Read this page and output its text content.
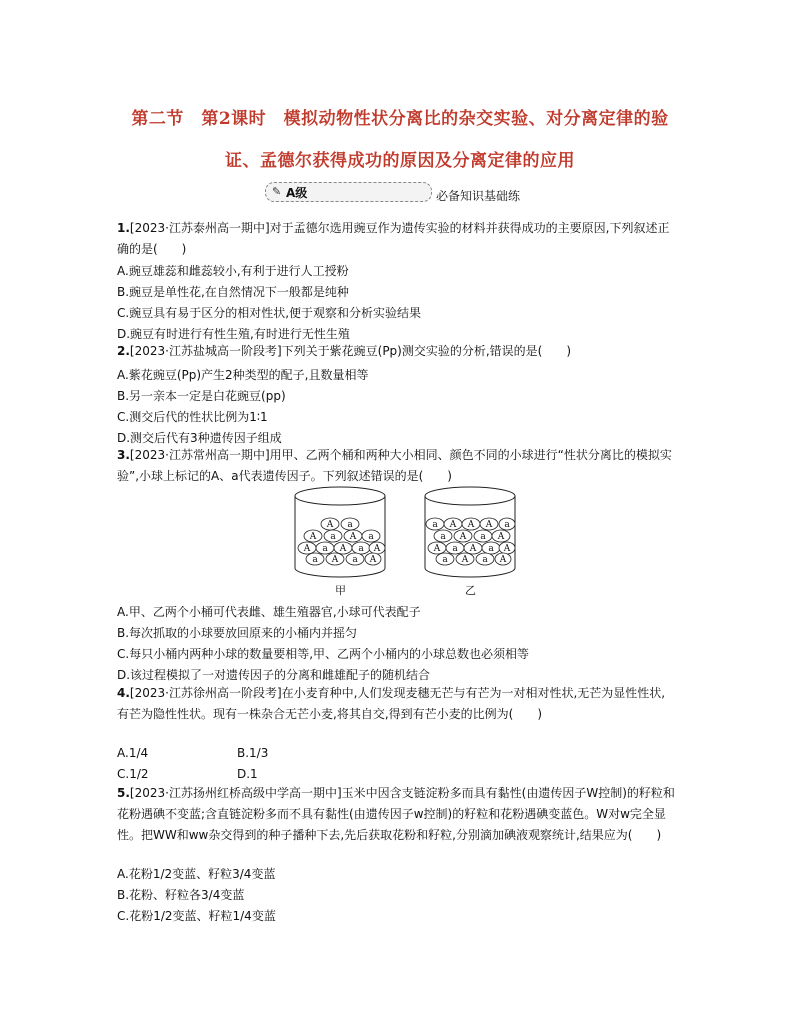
第二节　第2课时　模拟动物性状分离比的杂交实验、对分离定律的验
证、孟德尔获得成功的原因及分离定律的应用
✎ A级	必备知识基础练
1.[2023·江苏泰州高一期中]对于孟德尔选用豌豆作为遗传实验的材料并获得成功的主要原因,下列叙述正确的是(　　)
A.豌豆雄蕊和雌蕊较小,有利于进行人工授粉
B.豌豆是单性花,在自然情况下一般都是纯种
C.豌豆具有易于区分的相对性状,便于观察和分析实验结果
D.豌豆有时进行有性生殖,有时进行无性生殖
2.[2023·江苏盐城高一阶段考]下列关于紫花豌豆(Pp)测交实验的分析,错误的是(　　)
A.紫花豌豆(Pp)产生2种类型的配子,且数量相等
B.另一亲本一定是白花豌豆(pp)
C.测交后代的性状比例为1∶1
D.测交后代有3种遗传因子组成
3.[2023·江苏常州高一期中]用甲、乙两个桶和两种大小相同、颜色不同的小球进行“性状分离比的模拟实验”,小球上标记的A、a代表遗传因子。下列叙述错误的是(　　)
A a
A a A a
A a A a A
a A a A
甲
a A A A a
a A a A
A a A a A
a A a A
乙
A.甲、乙两个小桶可代表雌、雄生殖器官,小球可代表配子
B.每次抓取的小球要放回原来的小桶内并摇匀
C.每只小桶内两种小球的数量要相等,甲、乙两个小桶内的小球总数也必须相等
D.该过程模拟了一对遗传因子的分离和雌雄配子的随机结合
4.[2023·江苏徐州高一阶段考]在小麦育种中,人们发现麦穗无芒与有芒为一对相对性状,无芒为显性性状,有芒为隐性性状。现有一株杂合无芒小麦,将其自交,得到有芒小麦的比例为(　　)
A.1/4	B.1/3
C.1/2	D.1
5.[2023·江苏扬州红桥高级中学高一期中]玉米中因含支链淀粉多而具有黏性(由遗传因子W控制)的籽粒和花粉遇碘不变蓝;含直链淀粉多而不具有黏性(由遗传因子w控制)的籽粒和花粉遇碘变蓝色。W对w完全显性。把WW和ww杂交得到的种子播种下去,先后获取花粉和籽粒,分别滴加碘液观察统计,结果应为(　　)
A.花粉1/2变蓝、籽粒3/4变蓝
B.花粉、籽粒各3/4变蓝
C.花粉1/2变蓝、籽粒1/4变蓝
